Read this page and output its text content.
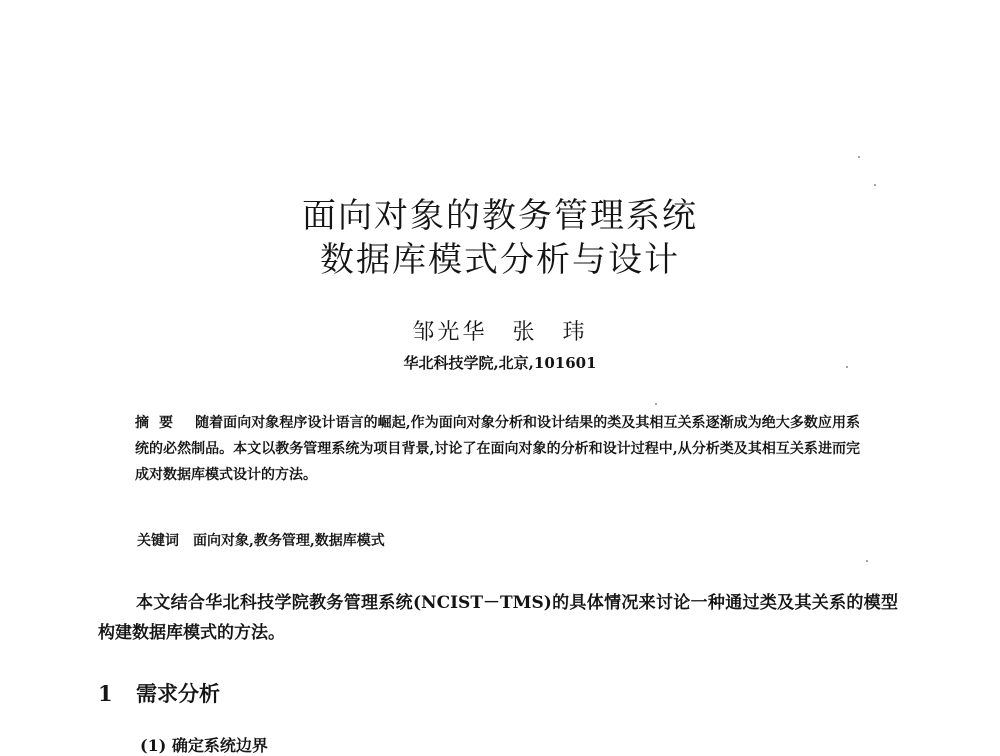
面向对象的教务管理系统
数据库模式分析与设计
邹光华　张　玮
华北科技学院,北京,101601
摘要 随着面向对象程序设计语言的崛起,作为面向对象分析和设计结果的类及其相互关系逐渐成为绝大多数应用系统的必然制品。本文以教务管理系统为项目背景,讨论了在面向对象的分析和设计过程中,从分析类及其相互关系进而完成对数据库模式设计的方法。
关键词 面向对象,教务管理,数据库模式

本文结合华北科技学院教务管理系统(NCIST－TMS)的具体情况来讨论一种通过类及其关系的模型构建数据库模式的方法。

1 需求分析
(1) 确定系统边界
